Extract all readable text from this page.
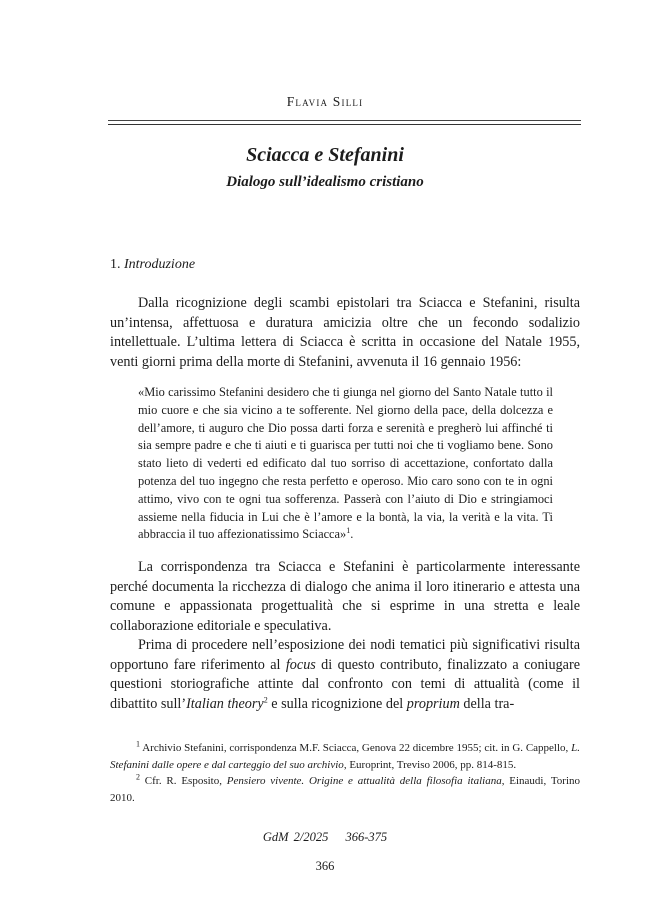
Flavia Silli
Sciacca e Stefanini
Dialogo sull’idealismo cristiano
1. Introduzione

Dalla ricognizione degli scambi epistolari tra Sciacca e Stefanini, risulta un’intensa, affettuosa e duratura amicizia oltre che un fecondo sodalizio intellettuale. L’ultima lettera di Sciacca è scritta in occasione del Natale 1955, venti giorni prima della morte di Stefanini, avvenuta il 16 gennaio 1956:

«Mio carissimo Stefanini desidero che ti giunga nel giorno del Santo Natale tutto il mio cuore e che sia vicino a te sofferente. Nel giorno della pace, della dolcezza e dell’amore, ti auguro che Dio possa darti forza e serenità e pregherò lui affinché ti sia sempre padre e che ti aiuti e ti guarisca per tutti noi che ti vogliamo bene. Sono stato lieto di vederti ed edificato dal tuo sorriso di accettazione, confortato dalla potenza del tuo ingegno che resta perfetto e operoso. Mio caro sono con te in ogni attimo, vivo con te ogni tua sofferenza. Passerà con l’aiuto di Dio e stringiamoci assieme nella fiducia in Lui che è l’amore e la bontà, la via, la verità e la vita. Ti abbraccia il tuo affezionatissimo Sciacca»$^1$.

La corrispondenza tra Sciacca e Stefanini è particolarmente interessante perché documenta la ricchezza di dialogo che anima il loro itinerario e attesta una comune e appassionata progettualità che si esprime in una stretta e leale collaborazione editoriale e speculativa.

Prima di procedere nell’esposizione dei nodi tematici più significativi risulta opportuno fare riferimento al focus di questo contributo, finalizzato a coniugare questioni storiografiche attinte dal confronto con temi di attualità (come il dibattito sull’Italian theory$^2$ e sulla ricognizione del proprium della tra-

$^1$ Archivio Stefanini, corrispondenza M.F. Sciacca, Genova 22 dicembre 1955; cit. in G. Cappello, L. Stefanini dalle opere e dal carteggio del suo archivio, Europrint, Treviso 2006, pp. 814-815.

$^2$ Cfr. R. Esposito, Pensiero vivente. Origine e attualità della filosofia italiana, Einaudi, Torino 2010.

GdM 2/2025 366-375
366
